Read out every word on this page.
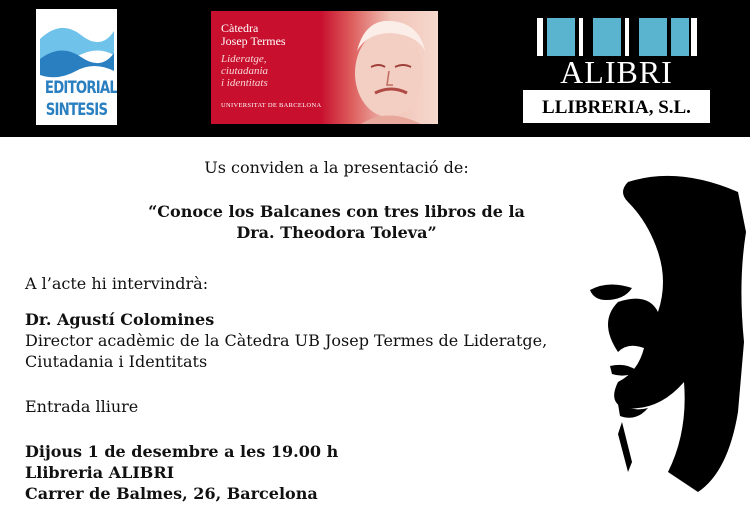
EDITORIAL
SINTESIS
Càtedra
Josep Termes
Lideratge,
ciutadania
i identitats
UNIVERSITAT DE BARCELONA
ALIBRI
LLIBRERIA, S.L.
Us conviden a la presentació de:
“Conoce los Balcanes con tres libros de la
Dra. Theodora Toleva”
A l’acte hi intervindrà:
Dr. Agustí Colomines
Director acadèmic de la Càtedra UB Josep Termes de Lideratge,
Ciutadania i Identitats
Entrada lliure
Dijous 1 de desembre a les 19.00 h
Llibreria ALIBRI
Carrer de Balmes, 26, Barcelona
